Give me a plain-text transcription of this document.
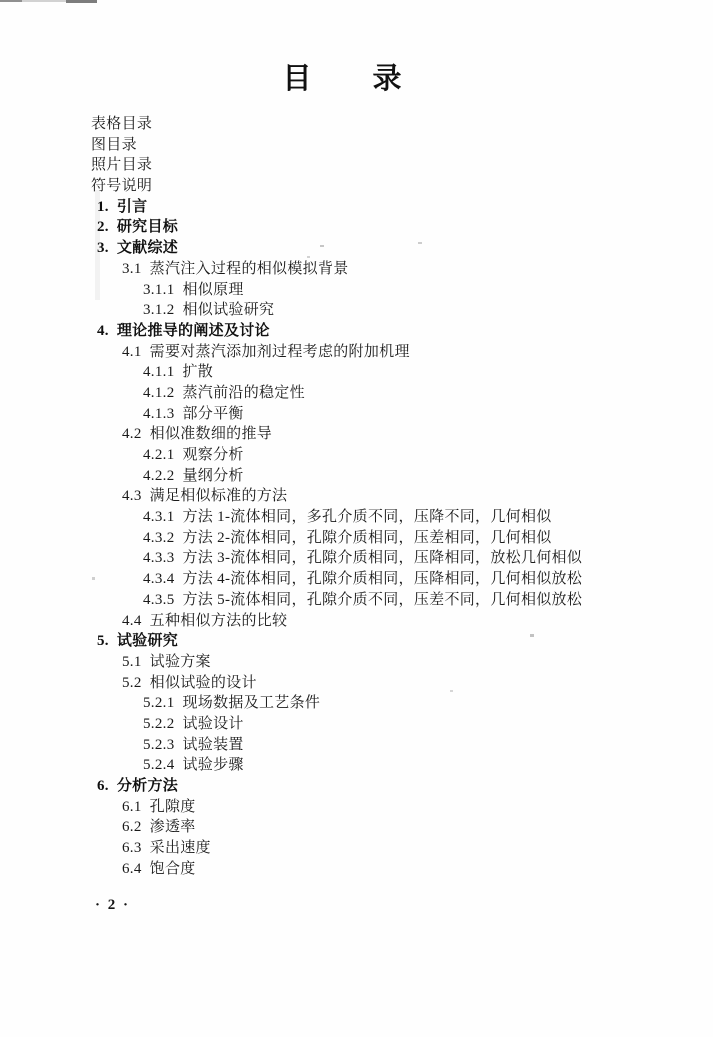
目　　录
表格目录
图目录
照片目录
符号说明
1. 引言
2. 研究目标
3. 文献综述
3.1 蒸汽注入过程的相似模拟背景
3.1.1 相似原理
3.1.2 相似试验研究
4. 理论推导的阐述及讨论
4.1 需要对蒸汽添加剂过程考虑的附加机理
4.1.1 扩散
4.1.2 蒸汽前沿的稳定性
4.1.3 部分平衡
4.2 相似准数细的推导
4.2.1 观察分析
4.2.2 量纲分析
4.3 满足相似标准的方法
4.3.1 方法 1-流体相同，多孔介质不同，压降不同，几何相似
4.3.2 方法 2-流体相同，孔隙介质相同，压差相同，几何相似
4.3.3 方法 3-流体相同，孔隙介质相同，压降相同，放松几何相似
4.3.4 方法 4-流体相同，孔隙介质相同，压降相同，几何相似放松
4.3.5 方法 5-流体相同，孔隙介质不同，压差不同，几何相似放松
4.4 五种相似方法的比较
5. 试验研究
5.1 试验方案
5.2 相似试验的设计
5.2.1 现场数据及工艺条件
5.2.2 试验设计
5.2.3 试验装置
5.2.4 试验步骤
6. 分析方法
6.1 孔隙度
6.2 渗透率
6.3 采出速度
6.4 饱合度
· 2 ·
